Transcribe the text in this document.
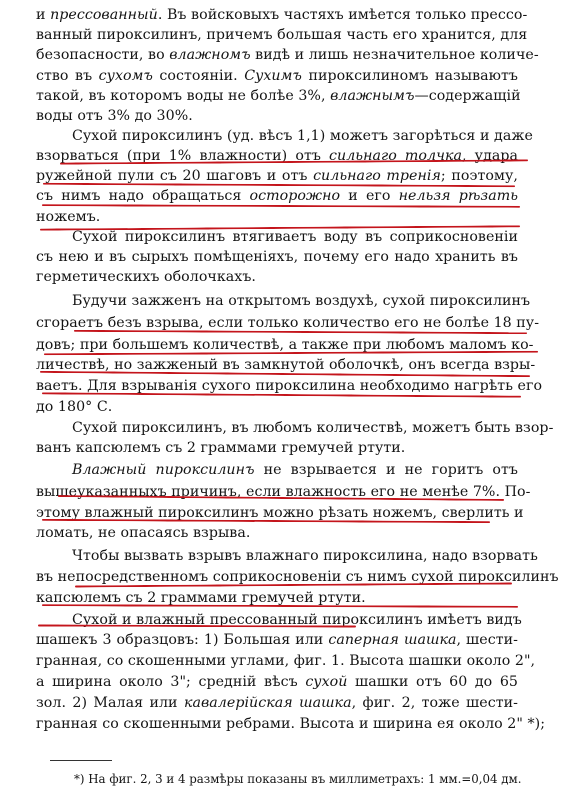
и прессованный. Въ войсковыхъ частяхъ имѣется только прессо-
ванный пироксилинъ, причемъ большая часть его хранится, для
безопасности, во влажномъ видѣ и лишь незначительное количе-
ство въ сухомъ состояніи. Сухимъ пироксилиномъ называютъ
такой, въ которомъ воды не болѣе 3%, влажнымъ—содержащій
воды отъ 3% до 30%.
Сухой пироксилинъ (уд. вѣсъ 1,1) можетъ загорѣться и даже
взорваться (при 1% влажности) отъ сильнаго толчка, удара
ружейной пули съ 20 шаговъ и отъ сильнаго тренія; поэтому,
съ нимъ надо обращаться осторожно и его нельзя рѣзать
ножемъ.
Сухой пироксилинъ втягиваетъ воду въ соприкосновеніи
съ нею и въ сырыхъ помѣщеніяхъ, почему его надо хранить въ
герметическихъ оболочкахъ.
Будучи зажженъ на открытомъ воздухѣ, сухой пироксилинъ
сгораетъ безъ взрыва, если только количество его не болѣе 18 пу-
довъ; при большемъ количествѣ, а также при любомъ маломъ ко-
личествѣ, но зажженый въ замкнутой оболочкѣ, онъ всегда взры-
ваетъ. Для взрыванія сухого пироксилина необходимо нагрѣть его
до 180° С.
Сухой пироксилинъ, въ любомъ количествѣ, можетъ быть взор-
ванъ капсюлемъ съ 2 граммами гремучей ртути.
Влажный пироксилинъ не взрывается и не горитъ отъ
вышеуказанныхъ причинъ, если влажность его не менѣе 7%. По-
этому влажный пироксилинъ можно рѣзать ножемъ, сверлить и
ломать, не опасаясь взрыва.
Чтобы вызвать взрывъ влажнаго пироксилина, надо взорвать
въ непосредственномъ соприкосновеніи съ нимъ сухой пироксилинъ
капсюлемъ съ 2 граммами гремучей ртути.
Сухой и влажный прессованный пироксилинъ имѣетъ видъ
шашекъ 3 образцовъ: 1) Большая или саперная шашка, шести-
гранная, со скошенными углами, фиг. 1. Высота шашки около 2",
а ширина около 3"; средній вѣсъ сухой шашки отъ 60 до 65
зол. 2) Малая или кавалерійская шашка, фиг. 2, тоже шести-
гранная со скошенными ребрами. Высота и ширина ея около 2" *);
*) На фиг. 2, 3 и 4 размѣры показаны въ миллиметрахъ: 1 мм.=0,04 дм.
